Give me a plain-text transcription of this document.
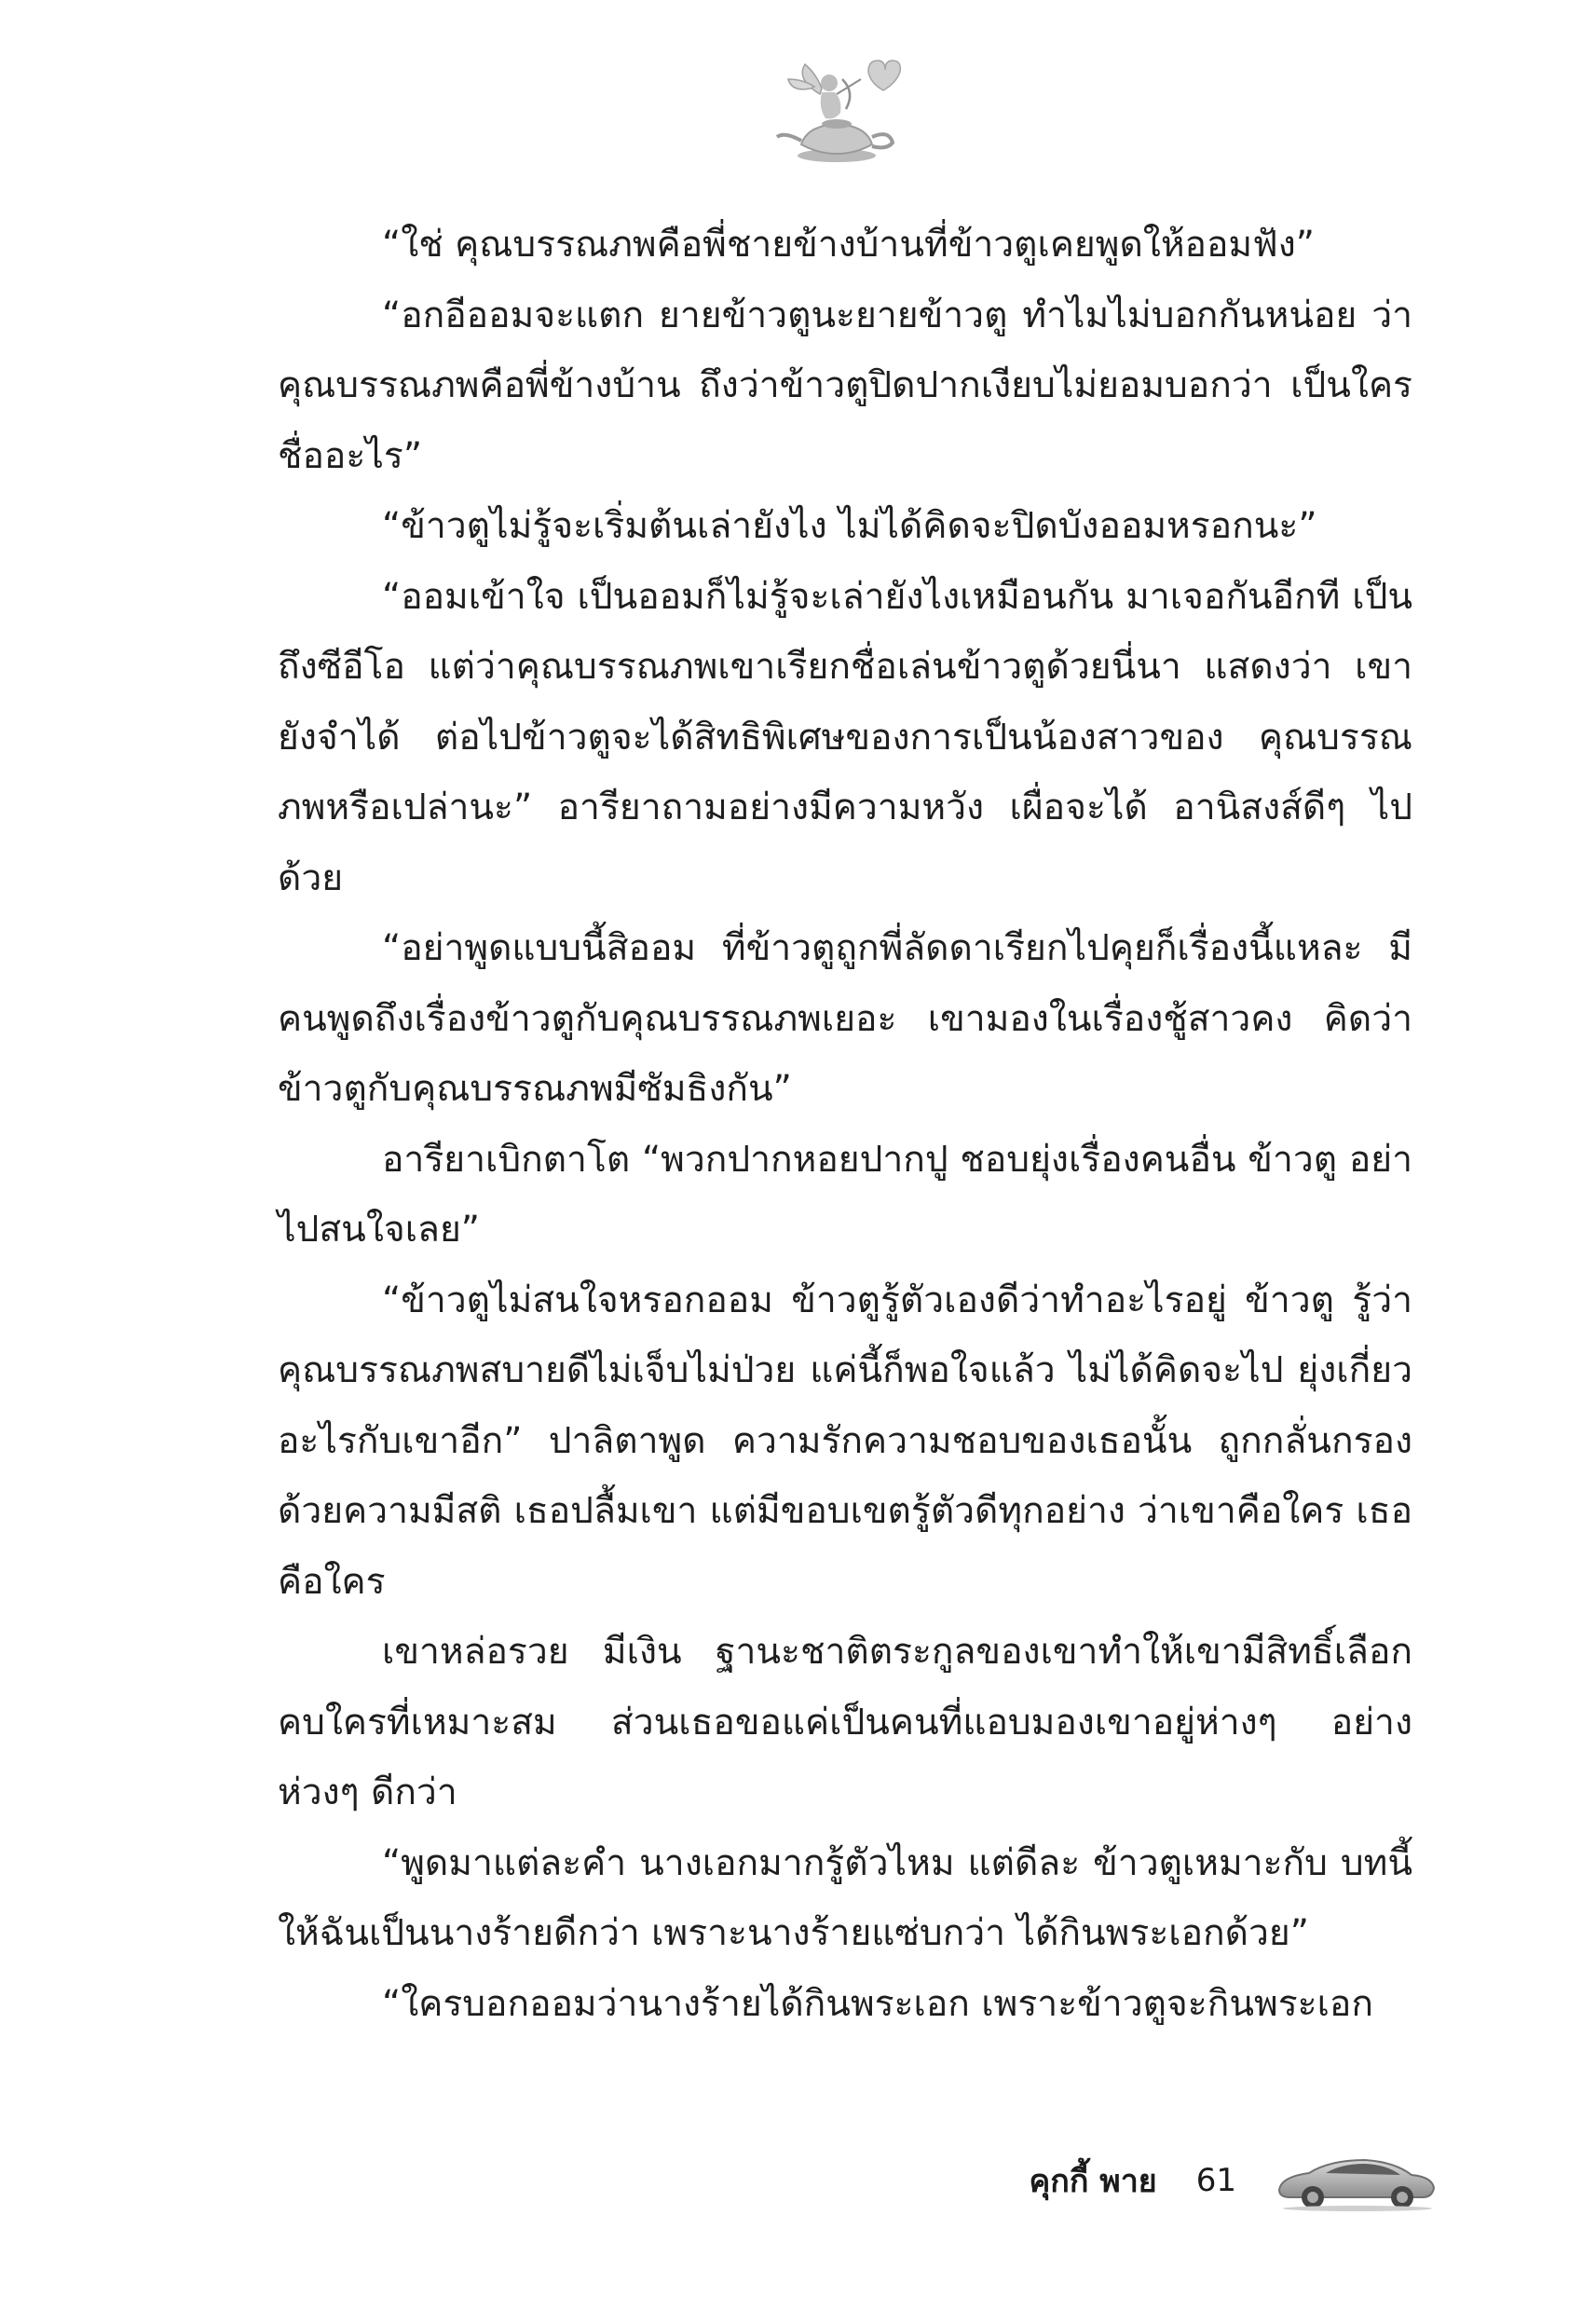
“ใช่ คุณบรรณภพคือพี่ชายข้างบ้านที่ข้าวตูเคยพูดให้ออมฟัง”

“อกอีออมจะแตก ยายข้าวตูนะยายข้าวตู ทำไมไม่บอกกันหน่อย ว่าคุณบรรณภพคือพี่ข้างบ้าน ถึงว่าข้าวตูปิดปากเงียบไม่ยอมบอกว่า เป็นใคร ชื่ออะไร”

“ข้าวตูไม่รู้จะเริ่มต้นเล่ายังไง ไม่ได้คิดจะปิดบังออมหรอกนะ”

“ออมเข้าใจ เป็นออมก็ไม่รู้จะเล่ายังไงเหมือนกัน มาเจอกันอีกที เป็นถึงซีอีโอ แต่ว่าคุณบรรณภพเขาเรียกชื่อเล่นข้าวตูด้วยนี่นา แสดงว่า เขายังจำได้ ต่อไปข้าวตูจะได้สิทธิพิเศษของการเป็นน้องสาวของ คุณบรรณภพหรือเปล่านะ” อารียาถามอย่างมีความหวัง เผื่อจะได้ อานิสงส์ดีๆ ไปด้วย

“อย่าพูดแบบนี้สิออม ที่ข้าวตูถูกพี่ลัดดาเรียกไปคุยก็เรื่องนี้แหละ มีคนพูดถึงเรื่องข้าวตูกับคุณบรรณภพเยอะ เขามองในเรื่องชู้สาวคง คิดว่าข้าวตูกับคุณบรรณภพมีซัมธิงกัน”

อารียาเบิกตาโต “พวกปากหอยปากปู ชอบยุ่งเรื่องคนอื่น ข้าวตู อย่าไปสนใจเลย”

“ข้าวตูไม่สนใจหรอกออม ข้าวตูรู้ตัวเองดีว่าทำอะไรอยู่ ข้าวตู รู้ว่าคุณบรรณภพสบายดีไม่เจ็บไม่ป่วย แค่นี้ก็พอใจแล้ว ไม่ได้คิดจะไป ยุ่งเกี่ยวอะไรกับเขาอีก” ปาลิตาพูด ความรักความชอบของเธอนั้น ถูกกลั่นกรองด้วยความมีสติ เธอปลื้มเขา แต่มีขอบเขตรู้ตัวดีทุกอย่าง ว่าเขาคือใคร เธอคือใคร

เขาหล่อรวย มีเงิน ฐานะชาติตระกูลของเขาทำให้เขามีสิทธิ์เลือก คบใครที่เหมาะสม ส่วนเธอขอแค่เป็นคนที่แอบมองเขาอยู่ห่างๆ อย่าง ห่วงๆ ดีกว่า

“พูดมาแต่ละคำ นางเอกมากรู้ตัวไหม แต่ดีละ ข้าวตูเหมาะกับ บทนี้ ให้ฉันเป็นนางร้ายดีกว่า เพราะนางร้ายแซ่บกว่า ได้กินพระเอกด้วย”

“ใครบอกออมว่านางร้ายได้กินพระเอก เพราะข้าวตูจะกินพระเอก

คุกกี้ พาย 61
